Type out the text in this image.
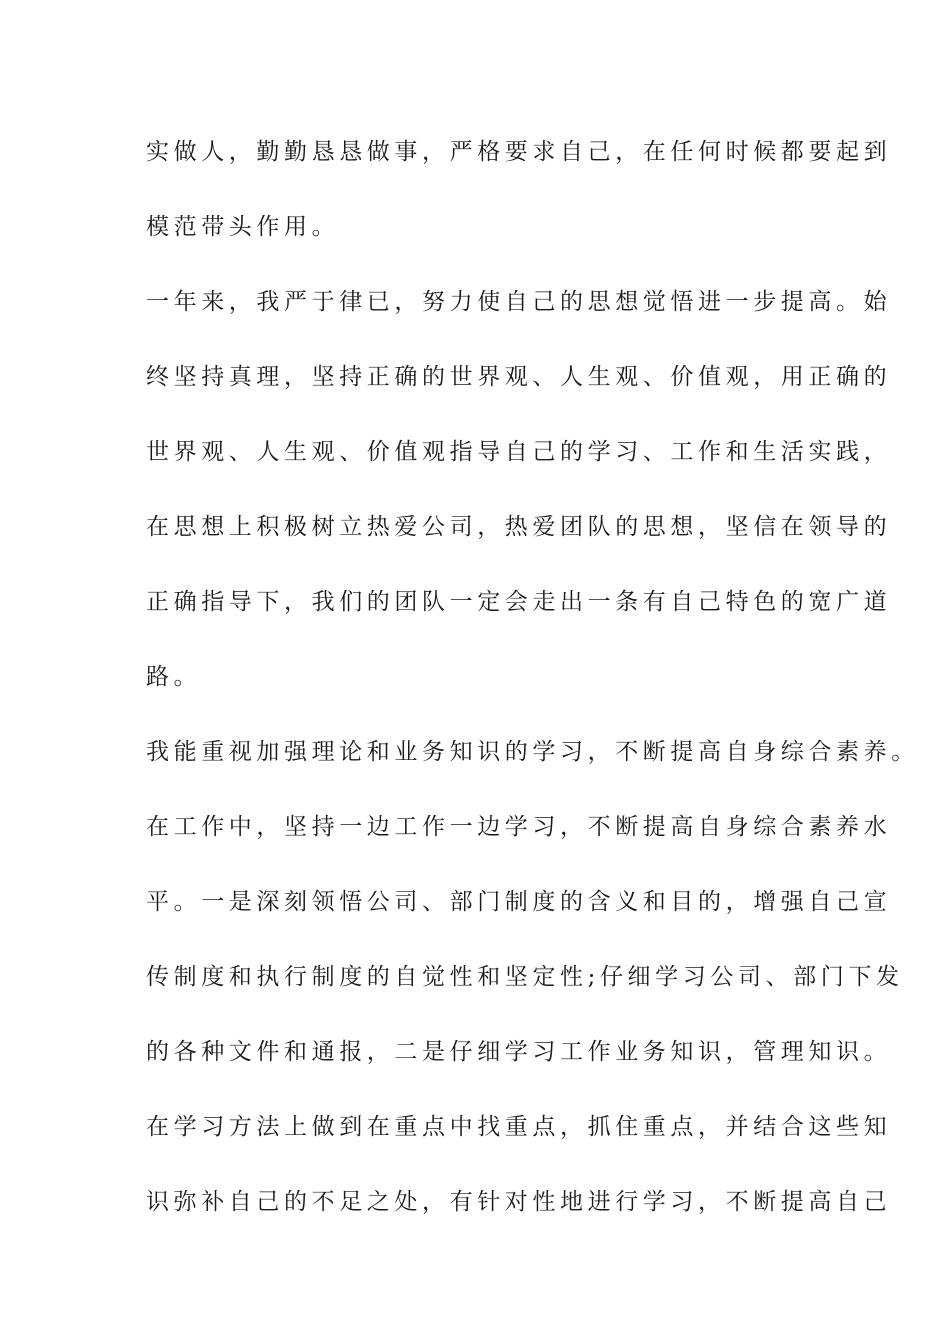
实做人，勤勤恳恳做事，严格要求自己，在任何时候都要起到
模范带头作用。
一年来，我严于律已，努力使自己的思想觉悟进一步提高。始
终坚持真理，坚持正确的世界观、人生观、价值观，用正确的
世界观、人生观、价值观指导自己的学习、工作和生活实践，
在思想上积极树立热爱公司，热爱团队的思想，坚信在领导的
正确指导下，我们的团队一定会走出一条有自己特色的宽广道
路。
我能重视加强理论和业务知识的学习，不断提高自身综合素养。
在工作中，坚持一边工作一边学习，不断提高自身综合素养水
平。一是深刻领悟公司、部门制度的含义和目的，增强自己宣
传制度和执行制度的自觉性和坚定性;仔细学习公司、部门下发
的各种文件和通报，二是仔细学习工作业务知识，管理知识。
在学习方法上做到在重点中找重点，抓住重点，并结合这些知
识弥补自己的不足之处，有针对性地进行学习，不断提高自己
